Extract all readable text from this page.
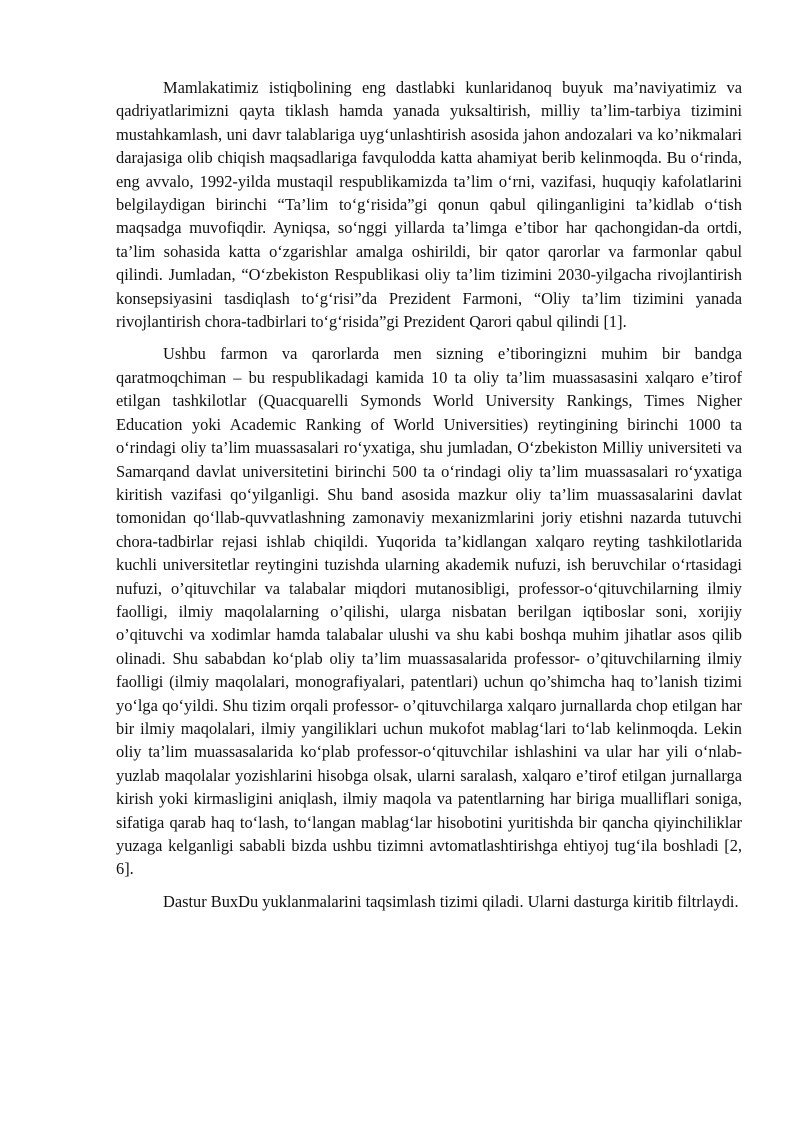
Mamlakatimiz istiqbolining eng dastlabki kunlaridanoq buyuk ma’naviyatimiz va qadriyatlarimizni qayta tiklash hamda yanada yuksaltirish, milliy ta’lim-tarbiya tizimini mustahkamlash, uni davr talablariga uyg‘unlashtirish asosida jahon andozalari va ko’nikmalari darajasiga olib chiqish maqsadlariga favqulodda katta ahamiyat berib kelinmoqda. Bu o‘rinda, eng avvalo, 1992-yilda mustaqil respublikamizda ta’lim o‘rni, vazifasi, huquqiy kafolatlarini belgilaydigan birinchi “Ta’lim to‘g‘risida”gi qonun qabul qilinganligini ta’kidlab o‘tish maqsadga muvofiqdir. Ayniqsa, so‘nggi yillarda ta’limga e’tibor har qachongidan-da ortdi, ta’lim sohasida katta o‘zgarishlar amalga oshirildi, bir qator qarorlar va farmonlar qabul qilindi. Jumladan, “O‘zbekiston Respublikasi oliy ta’lim tizimini 2030-yilgacha rivojlantirish konsepsiyasini tasdiqlash to‘g‘risi”da Prezident Farmoni, “Oliy ta’lim tizimini yanada rivojlantirish chora-tadbirlari to‘g‘risida”gi Prezident Qarori qabul qilindi [1].

Ushbu farmon va qarorlarda men sizning e’tiboringizni muhim bir bandga qaratmoqchiman – bu respublikadagi kamida 10 ta oliy ta’lim muassasasini xalqaro e’tirof etilgan tashkilotlar (Quacquarelli Symonds World University Rankings, Times Nigher Education yoki Academic Ranking of World Universities) reytingining birinchi 1000 ta o‘rindagi oliy ta’lim muassasalari ro‘yxatiga, shu jumladan, O‘zbekiston Milliy universiteti va Samarqand davlat universitetini birinchi 500 ta o‘rindagi oliy ta’lim muassasalari ro‘yxatiga kiritish vazifasi qo‘yilganligi. Shu band asosida mazkur oliy ta’lim muassasalarini davlat tomonidan qo‘llab-quvvatlashning zamonaviy mexanizmlarini joriy etishni nazarda tutuvchi chora-tadbirlar rejasi ishlab chiqildi. Yuqorida ta’kidlangan xalqaro reyting tashkilotlarida kuchli universitetlar reytingini tuzishda ularning akademik nufuzi, ish beruvchilar o‘rtasidagi nufuzi, o’qituvchilar va talabalar miqdori mutanosibligi, professor-o‘qituvchilarning ilmiy faolligi, ilmiy maqolalarning o’qilishi, ularga nisbatan berilgan iqtiboslar soni, xorijiy o’qituvchi va xodimlar hamda talabalar ulushi va shu kabi boshqa muhim jihatlar asos qilib olinadi. Shu sababdan ko‘plab oliy ta’lim muassasalarida professor- o’qituvchilarning ilmiy faolligi (ilmiy maqolalari, monografiyalari, patentlari) uchun qo’shimcha haq to’lanish tizimi yo‘lga qo‘yildi. Shu tizim orqali professor- o’qituvchilarga xalqaro jurnallarda chop etilgan har bir ilmiy maqolalari, ilmiy yangiliklari uchun mukofot mablag‘lari to‘lab kelinmoqda. Lekin oliy ta’lim muassasalarida ko‘plab professor-o‘qituvchilar ishlashini va ular har yili o‘nlab-yuzlab maqolalar yozishlarini hisobga olsak, ularni saralash, xalqaro e’tirof etilgan jurnallarga kirish yoki kirmasligini aniqlash, ilmiy maqola va patentlarning har biriga mualliflari soniga, sifatiga qarab haq to‘lash, to‘langan mablag‘lar hisobotini yuritishda bir qancha qiyinchiliklar yuzaga kelganligi sababli bizda ushbu tizimni avtomatlashtirishga ehtiyoj tug‘ila boshladi [2, 6].

Dastur BuxDu yuklanmalarini taqsimlash tizimi qiladi. Ularni dasturga kiritib filtrlaydi.
